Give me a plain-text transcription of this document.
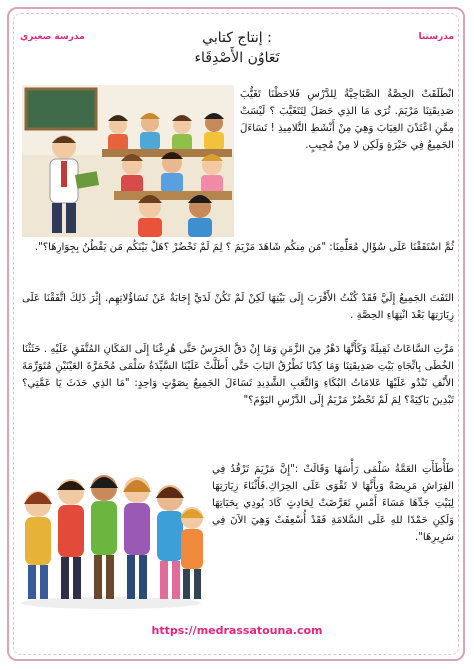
مدرسة صغيري	مدرستنا
إنتاج كتابي :
تَعَاوُن الأَصْدِقَاء
انْطَلَقَتْ الحِصَّةُ الصَّبَاحِيَّةُ لِلدَّرْسِ فَلاحَظْنَا تَغَيُّبَ صَدِيقَتِنَا مَرْيَمَ. تُرَى مَا الذِي حَصَلَ لِتَتَغَيَّبَ ؟ لَيْسَتْ مِمَّنِ اعْتَدْنَ الغِيَابَ وَهِيَ مِنْ أَنْشَطِ التَّلامِيذِ ! تَسَاءَلَ الجَمِيعُ فِي حَيْرَةٍ وَلَكِن لا مِنْ مُجِيبٍ.
ثُمَّ اسْتَفَقْنَا عَلَى سُؤَالِ مُعَلِّمِنَا: "مَن مِنكُم شَاهَدَ مَرْيَمَ ؟ لِمَ لَمْ تَحْضُرْ ؟هَلْ بَيْنَكُم مَن يَقْطُنُ بِجِوَارِهَا؟".
التَفَتَ الجَمِيعُ إِلَيَّ فَقَدْ كُنْتُ الأَقْرَبَ إِلَى بَيْتِهَا لَكِنْ لَمْ تَكُنْ لَدَيَّ إِجَابَةٌ عَنْ تَسَاؤُلاتِهِم. إِثْرَ ذَلِكَ اتَّفَقْنَا عَلَى زِيَارَتِهَا بَعْدَ انْتِهَاءِ الحِصَّةِ .
مَرَّتِ السَّاعَاتُ ثَقِيلَةً وَكَأَنَّهَا دَهْرٌ مِنَ الزَّمَنِ وَمَا إِنْ دَقَّ الجَرَسُ حَتَّى هُرِعْنَا إِلَى المَكَانِ المُتَّفَقِ عَلَيْهِ . حَثَثْنَا الخُطَى بِاتِّجَاهِ بَيْتِ صَدِيقَتِنَا وَمَا كِدْنَا نَطْرُقُ البَابَ حَتَّى أَطَلَّتْ عَلَيْنَا السَّيِّدَةُ سَلْمَى مُحْمَرَّةَ العَيْنَيْنِ مُتَوَرِّمَةَ الأَنْفِ تَبْدُو عَلَيْهَا عَلامَاتُ البُكَاءِ وَالتَّعَبِ الشَّدِيدِ تَسَاءَلَ الجَمِيعُ بِصَوْتٍ وَاحِدٍ: "مَا الذِي حَدَثَ يَا عَمَّتِي؟ تَبْدِينَ بَاكِيَةً؟ لِمَ لَمْ تَحْضُرْ مَرْيَمُ إِلَى الدَّرْسِ اليَوْمَ؟"
طَأْطَأَتِ العَمَّةُ سَلْمَى رَأْسَهَا وَقَالَتْ :"إِنَّ مَرْيَمَ تَرْقُدُ فِي الفِرَاشِ مَرِيضَةً وَبِأَنَّهَا لا تَقْوَى عَلَى الحِرَاكِ.فَأَثْنَاءَ زِيَارَتِهَا لِبَيْتِ جَدِّهَا مَسَاءَ أَمْسِ تَعَرَّضَتْ لِحَادِثٍ كَادَ يُودِي بِحَيَاتِهَا وَلَكِنِ حَمْدًا للهِ عَلَى السَّلامَةِ فَقَدْ أُسْعِفَتْ وَهِيَ الآنَ فِي سَرِيرِهَا".
https://medrassatouna.com
